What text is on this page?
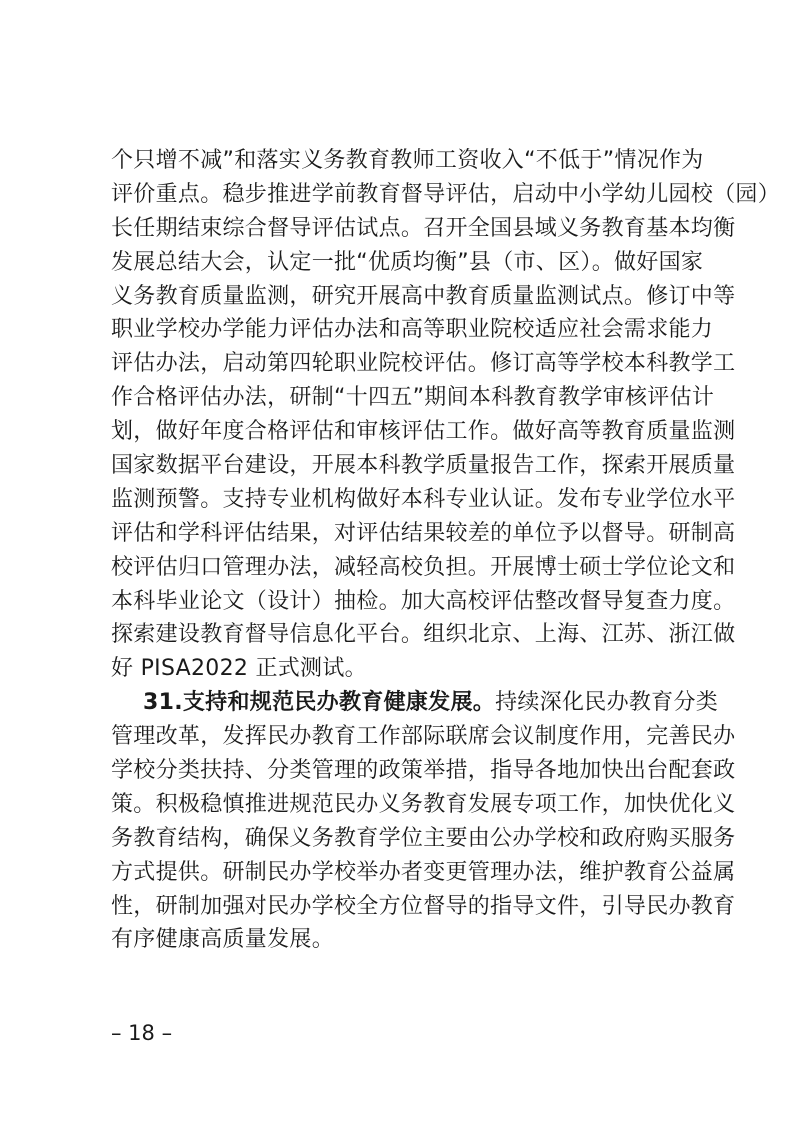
个只增不减”和落实义务教育教师工资收入“不低于”情况作为
评价重点。稳步推进学前教育督导评估，启动中小学幼儿园校（园）
长任期结束综合督导评估试点。召开全国县域义务教育基本均衡
发展总结大会，认定一批“优质均衡”县（市、区）。做好国家
义务教育质量监测，研究开展高中教育质量监测试点。修订中等
职业学校办学能力评估办法和高等职业院校适应社会需求能力
评估办法，启动第四轮职业院校评估。修订高等学校本科教学工
作合格评估办法，研制“十四五”期间本科教育教学审核评估计
划，做好年度合格评估和审核评估工作。做好高等教育质量监测
国家数据平台建设，开展本科教学质量报告工作，探索开展质量
监测预警。支持专业机构做好本科专业认证。发布专业学位水平
评估和学科评估结果，对评估结果较差的单位予以督导。研制高
校评估归口管理办法，减轻高校负担。开展博士硕士学位论文和
本科毕业论文（设计）抽检。加大高校评估整改督导复查力度。
探索建设教育督导信息化平台。组织北京、上海、江苏、浙江做
好 PISA2022 正式测试。
31.支持和规范民办教育健康发展。持续深化民办教育分类
管理改革，发挥民办教育工作部际联席会议制度作用，完善民办
学校分类扶持、分类管理的政策举措，指导各地加快出台配套政
策。积极稳慎推进规范民办义务教育发展专项工作，加快优化义
务教育结构，确保义务教育学位主要由公办学校和政府购买服务
方式提供。研制民办学校举办者变更管理办法，维护教育公益属
性，研制加强对民办学校全方位督导的指导文件，引导民办教育
有序健康高质量发展。
– 18 –
